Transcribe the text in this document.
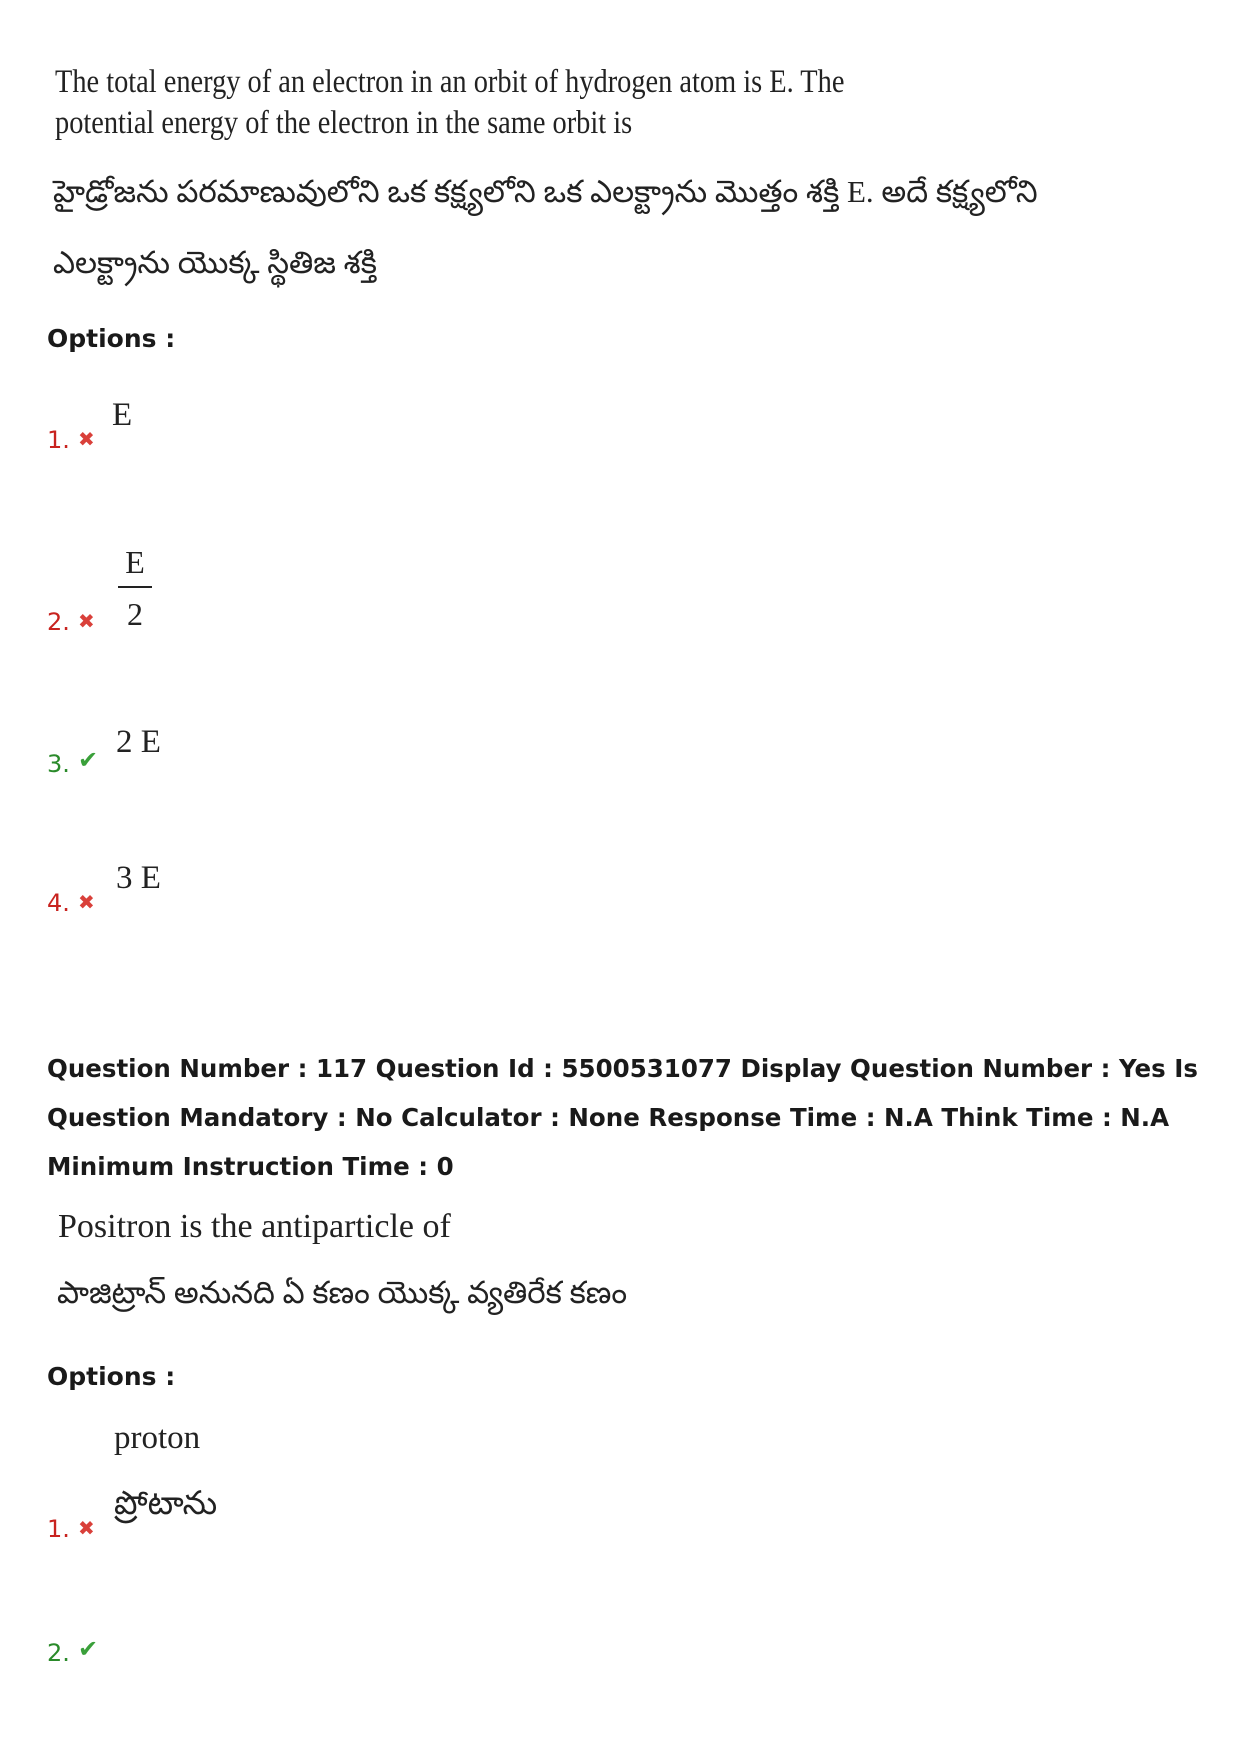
The total energy of an electron in an orbit of hydrogen atom is E. The potential energy of the electron in the same orbit is
హైడ్రోజను పరమాణువులోని ఒక కక్ష్యలోని ఒక ఎలక్ట్రాను మొత్తం శక్తి E. అదే కక్ష్యలోని
ఎలక్ట్రాను యొక్క స్థితిజ శక్తి
Options :
1. ✖
E
2. ✖
E
2
3. ✔ 2 E
4. ✖
3 E
Question Number : 117 Question Id : 5500531077 Display Question Number : Yes Is Question Mandatory : No Calculator : None Response Time : N.A Think Time : N.A Minimum Instruction Time : 0
Positron is the antiparticle of
పాజిట్రాన్ అనునది ఏ కణం యొక్క వ్యతిరేక కణం
Options :
proton
ప్రోటాను
1. ✖
2. ✔
